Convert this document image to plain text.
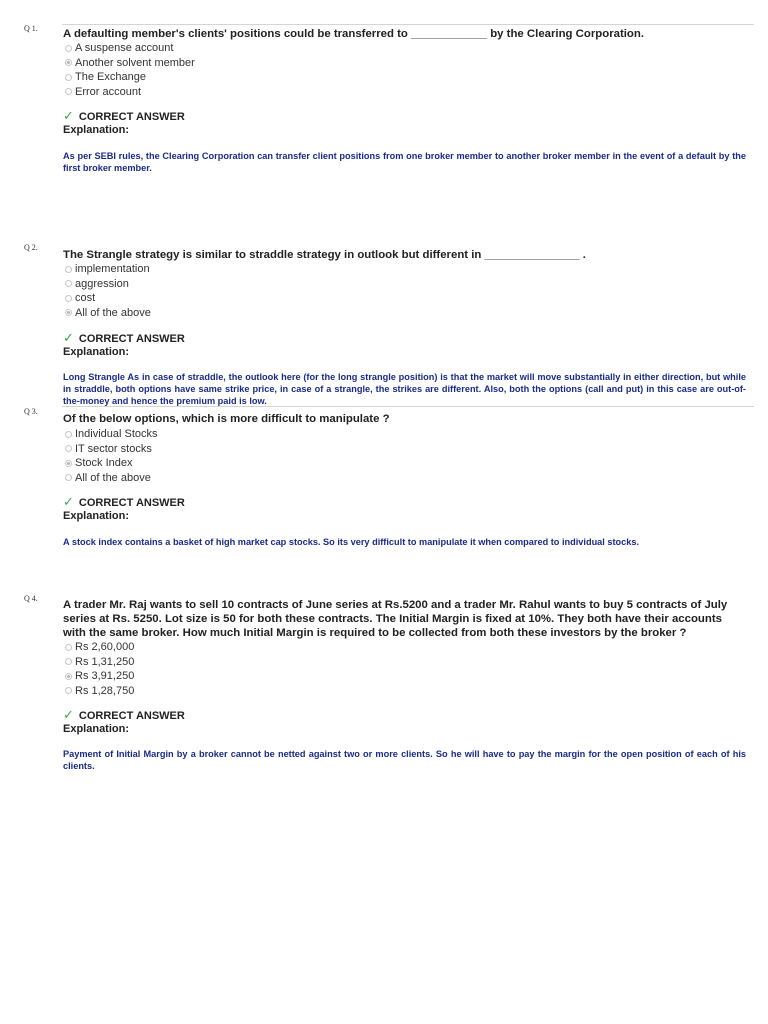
Q 1. A defaulting member's clients' positions could be transferred to ____________ by the Clearing Corporation.
A suspense account
Another solvent member
The Exchange
Error account
✓ CORRECT ANSWER
Explanation:
As per SEBI rules, the Clearing Corporation can transfer client positions from one broker member to another broker member in the event of a default by the first broker member.
Q 2.
The Strangle strategy is similar to straddle strategy in outlook but different in _______________ .
implementation
aggression
cost
All of the above
✓ CORRECT ANSWER
Explanation:
Long Strangle As in case of straddle, the outlook here (for the long strangle position) is that the market will move substantially in either direction, but while in straddle, both options have same strike price, in case of a strangle, the strikes are different. Also, both the options (call and put) in this case are out-of-the-money and hence the premium paid is low.
Q 3.
Of the below options, which is more difficult to manipulate ?
Individual Stocks
IT sector stocks
Stock Index
All of the above
✓ CORRECT ANSWER
Explanation:
A stock index contains a basket of high market cap stocks. So its very difficult to manipulate it when compared to individual stocks.
Q 4.
A trader Mr. Raj wants to sell 10 contracts of June series at Rs.5200 and a trader Mr. Rahul wants to buy 5 contracts of July series at Rs. 5250. Lot size is 50 for both these contracts. The Initial Margin is fixed at 10%. They both have their accounts with the same broker. How much Initial Margin is required to be collected from both these investors by the broker ?
Rs 2,60,000
Rs 1,31,250
Rs 3,91,250
Rs 1,28,750
✓ CORRECT ANSWER
Explanation:
Payment of Initial Margin by a broker cannot be netted against two or more clients. So he will have to pay the margin for the open position of each of his clients.
